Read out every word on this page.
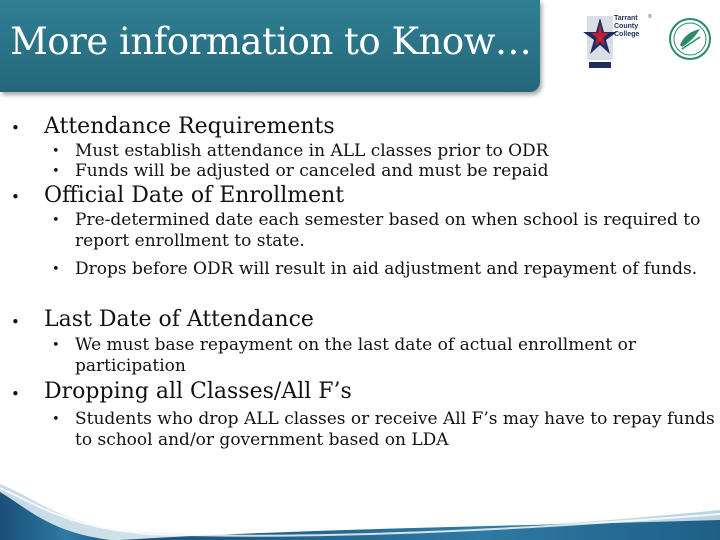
More information to Know…
Tarrant
County
College
®
• Attendance Requirements
• Must establish attendance in ALL classes prior to ODR
• Funds will be adjusted or canceled and must be repaid
• Official Date of Enrollment
• Pre-determined date each semester based on when school is required to report enrollment to state.
• Drops before ODR will result in aid adjustment and repayment of funds.
• Last Date of Attendance
• We must base repayment on the last date of actual enrollment or participation
• Dropping all Classes/All F’s
• Students who drop ALL classes or receive All F’s may have to repay funds to school and/or government based on LDA
